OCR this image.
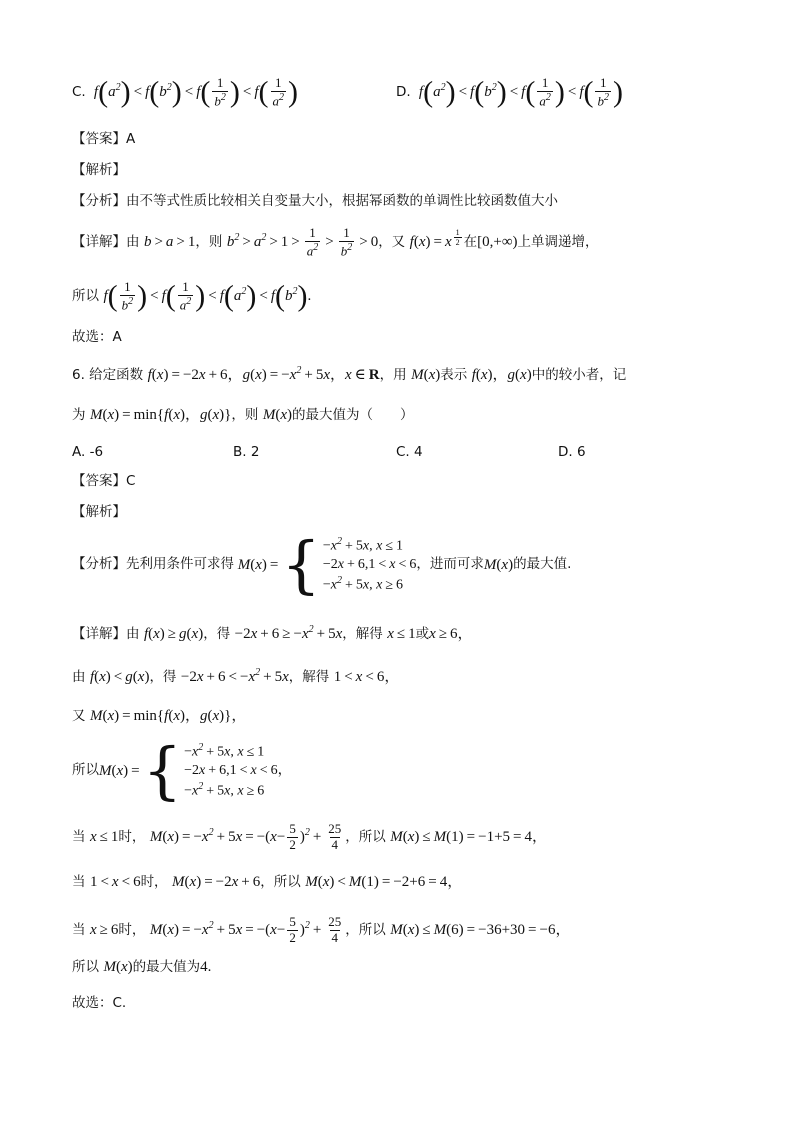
C.  $f(a^2) < f(b^2) < f( \frac{1}{b^2}$ ) < $f( \frac{1}{a^2}$ )	D.  $f(a^2) < f(b^2) < f( \frac{1}{a^2}$ ) < $f( \frac{1}{b^2}$ )
【答案】A
【解析】
【分析】由不等式性质比较相关自变量大小，根据幂函数的单调性比较函数值大小
【详解】由 b > a > 1，则 $b^2 > a^2 > 1 > \frac{1}{a^2} > \frac{1}{b^2} > 0$，又 f(x) = x $^{\frac{1}{2}}$ 在[0,+∞)上单调递增，
所以 $f( \frac{1}{b^2}$ ) < $f( \frac{1}{a^2}$ ) < $f(a^2) < f(b^2)$.
故选：A
6. 给定函数 f(x) = −2x + 6，$g(x) = -x^2 + 5x$，x ∈ R，用 M(x)表示 f(x)，g(x)中的较小者，记
为 M(x) = min{f(x)，g(x)}，则 M(x)的最大值为（　　）
A. -6	B. 2	C. 4	D. 6
【答案】C
【解析】
【分析】先利用条件可求得 M(x) = { $-x^2 + 5x$, x ≤ 1
−2x + 6,1 < x < 6
$-x^2 + 5x$, x ≥ 6
，进而可求 M(x) 的最大值.
【详解】由 f(x) ≥ g(x)，得 $-2x + 6 \ge -x^2 + 5x$，解得 x ≤ 1或x ≥ 6，
由 f(x) < g(x)，得 $-2x + 6 < -x^2 + 5x$，解得 1 < x < 6，
又 M(x) = min{f(x)，g(x)}，
所以 M(x) = { $-x^2 + 5x$, x ≤ 1
−2x + 6,1 < x < 6，
$-x^2 + 5x$, x ≥ 6
当 x ≤ 1时， $M(x) = -x^2 + 5x = -(x- \frac{5}{2} )^2 + \frac{25}{4}$ ，所以 M(x) ≤ M(1) = −1+5 = 4，
当 1 < x < 6时， M(x) = −2x + 6，所以 M(x) < M(1) = −2+6 = 4，
当 x ≥ 6时， $M(x) = -x^2 + 5x = -(x- \frac{5}{2} )^2 + \frac{25}{4}$ ，所以 M(x) ≤ M(6) = −36+30 = −6，
所以 M(x)的最大值为4.
故选：C.
